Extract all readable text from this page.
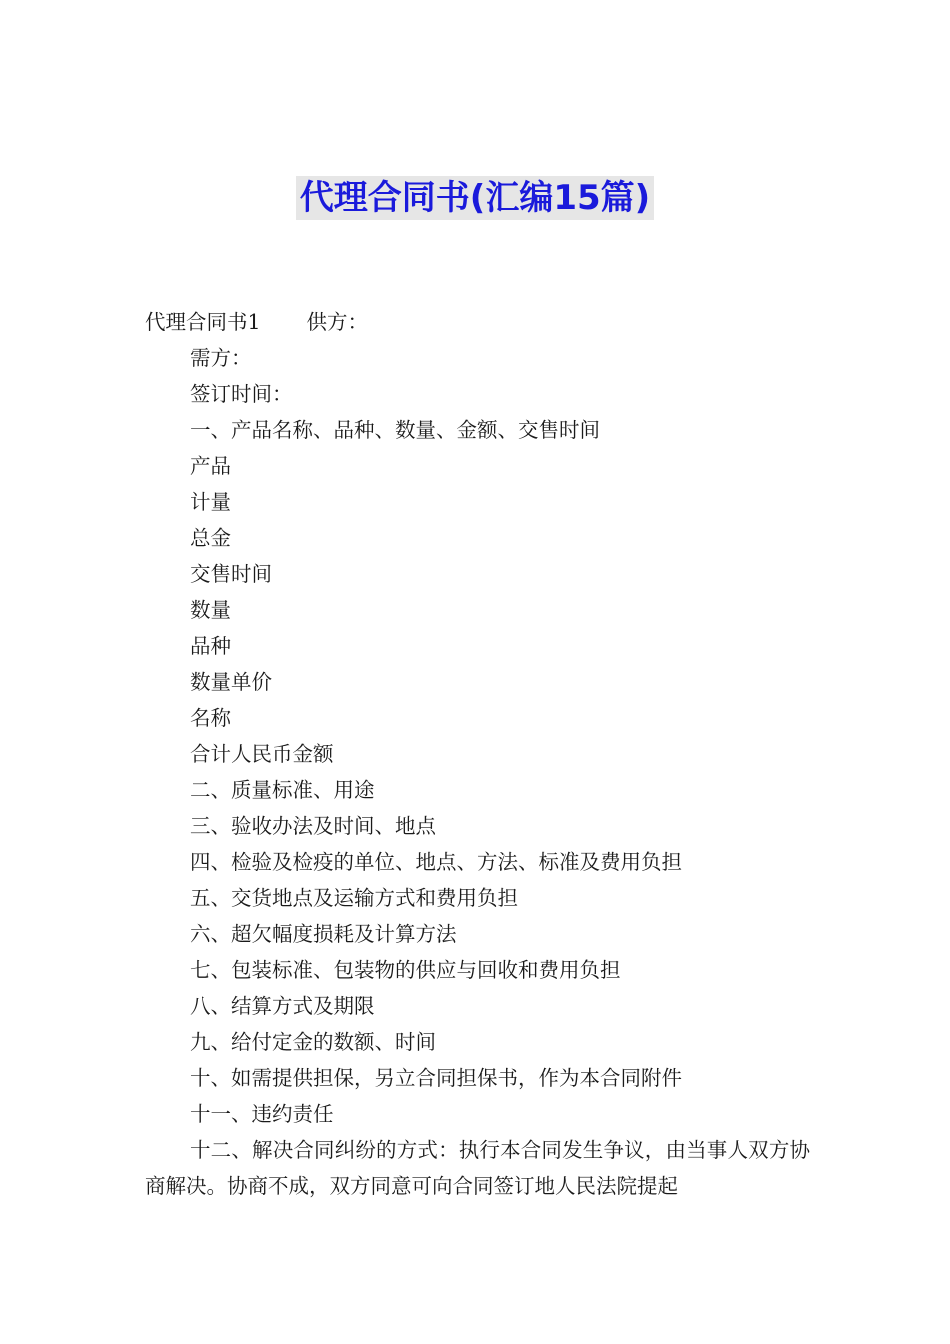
代理合同书(汇编15篇)
代理合同书1 供方：
需方：
签订时间：
一、产品名称、品种、数量、金额、交售时间
产品
计量
总金
交售时间
数量
品种
数量单价
名称
合计人民币金额
二、质量标准、用途
三、验收办法及时间、地点
四、检验及检疫的单位、地点、方法、标准及费用负担
五、交货地点及运输方式和费用负担
六、超欠幅度损耗及计算方法
七、包装标准、包装物的供应与回收和费用负担
八、结算方式及期限
九、给付定金的数额、时间
十、如需提供担保，另立合同担保书，作为本合同附件
十一、违约责任
十二、解决合同纠纷的方式：执行本合同发生争议，由当事人双方协商解决。协商不成，双方同意可向合同签订地人民法院提起
